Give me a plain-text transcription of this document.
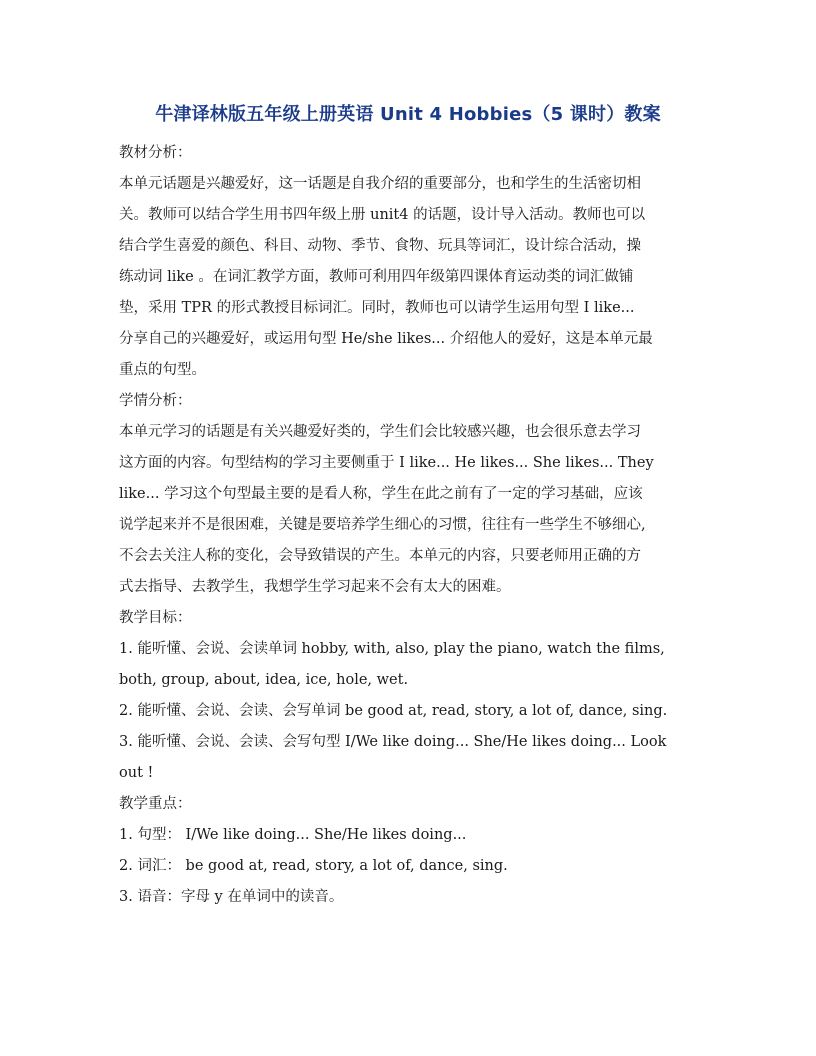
牛津译林版五年级上册英语 Unit 4 Hobbies（5 课时）教案
教材分析：
本单元话题是兴趣爱好，这一话题是自我介绍的重要部分，也和学生的生活密切相
关。教师可以结合学生用书四年级上册 unit4 的话题，设计导入活动。教师也可以
结合学生喜爱的颜色、科目、动物、季节、食物、玩具等词汇，设计综合活动，操
练动词 like 。在词汇教学方面，教师可利用四年级第四课体育运动类的词汇做铺
垫，采用 TPR 的形式教授目标词汇。同时，教师也可以请学生运用句型 I like...
分享自己的兴趣爱好，或运用句型 He/she likes... 介绍他人的爱好，这是本单元最
重点的句型。
学情分析：
本单元学习的话题是有关兴趣爱好类的，学生们会比较感兴趣，也会很乐意去学习
这方面的内容。句型结构的学习主要侧重于 I like... He likes... She likes... They
like... 学习这个句型最主要的是看人称，学生在此之前有了一定的学习基础，应该
说学起来并不是很困难，关键是要培养学生细心的习惯，往往有一些学生不够细心,
不会去关注人称的变化，会导致错误的产生。本单元的内容，只要老师用正确的方
式去指导、去教学生，我想学生学习起来不会有太大的困难。
教学目标：
1. 能听懂、会说、会读单词 hobby, with, also, play the piano, watch the films,
both, group, about, idea, ice, hole, wet.
2. 能听懂、会说、会读、会写单词 be good at, read, story, a lot of, dance, sing.
3. 能听懂、会说、会读、会写句型 I/We like doing... She/He likes doing... Look
out !
教学重点：
1. 句型： I/We like doing... She/He likes doing...
2. 词汇： be good at, read, story, a lot of, dance, sing.
3. 语音：字母 y 在单词中的读音。
